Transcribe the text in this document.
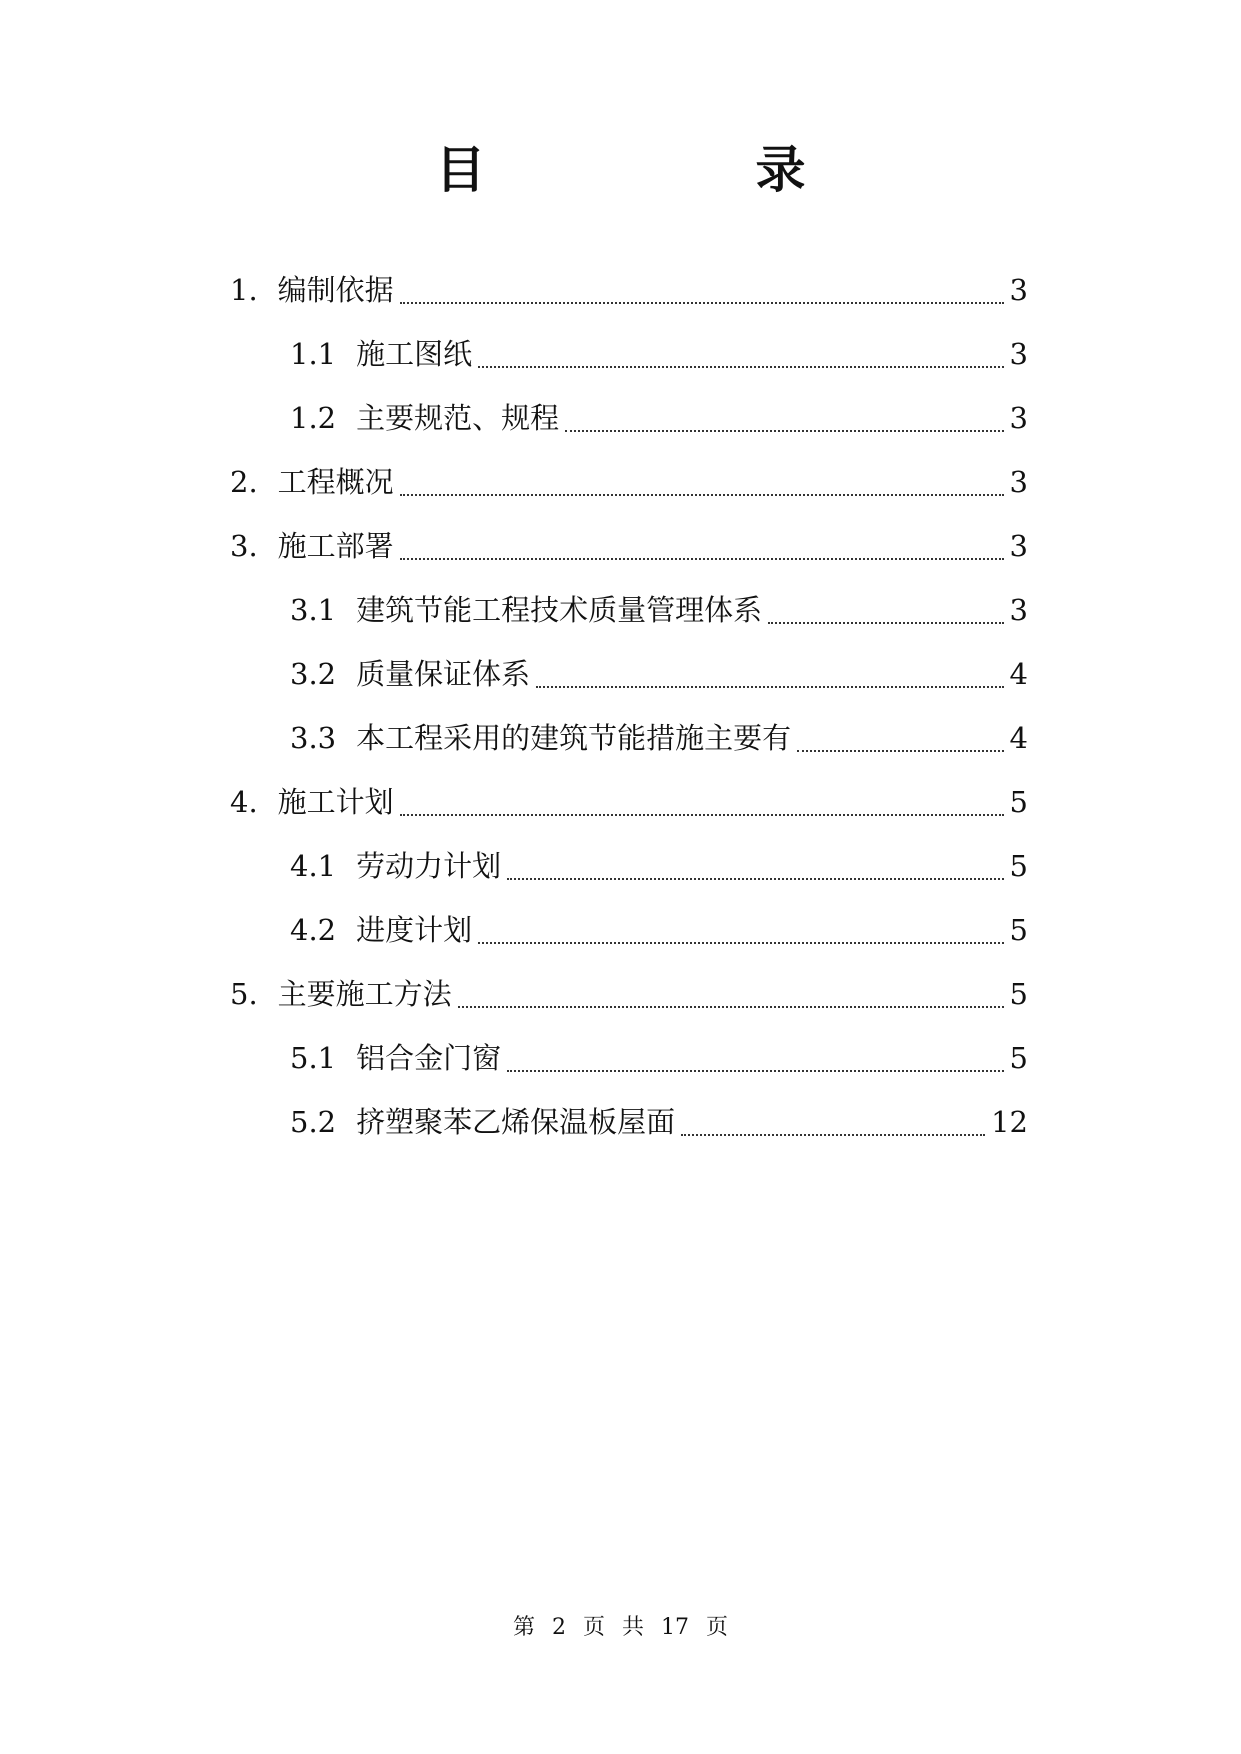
目　录
1. 编制依据	3
1.1 施工图纸	3
1.2 主要规范、规程	3
2. 工程概况	3
3. 施工部署	3
3.1 建筑节能工程技术质量管理体系	3
3.2 质量保证体系	4
3.3 本工程采用的建筑节能措施主要有	4
4. 施工计划	5
4.1 劳动力计划	5
4.2 进度计划	5
5. 主要施工方法	5
5.1 铝合金门窗	5
5.2 挤塑聚苯乙烯保温板屋面	12
第 2 页 共 17 页
